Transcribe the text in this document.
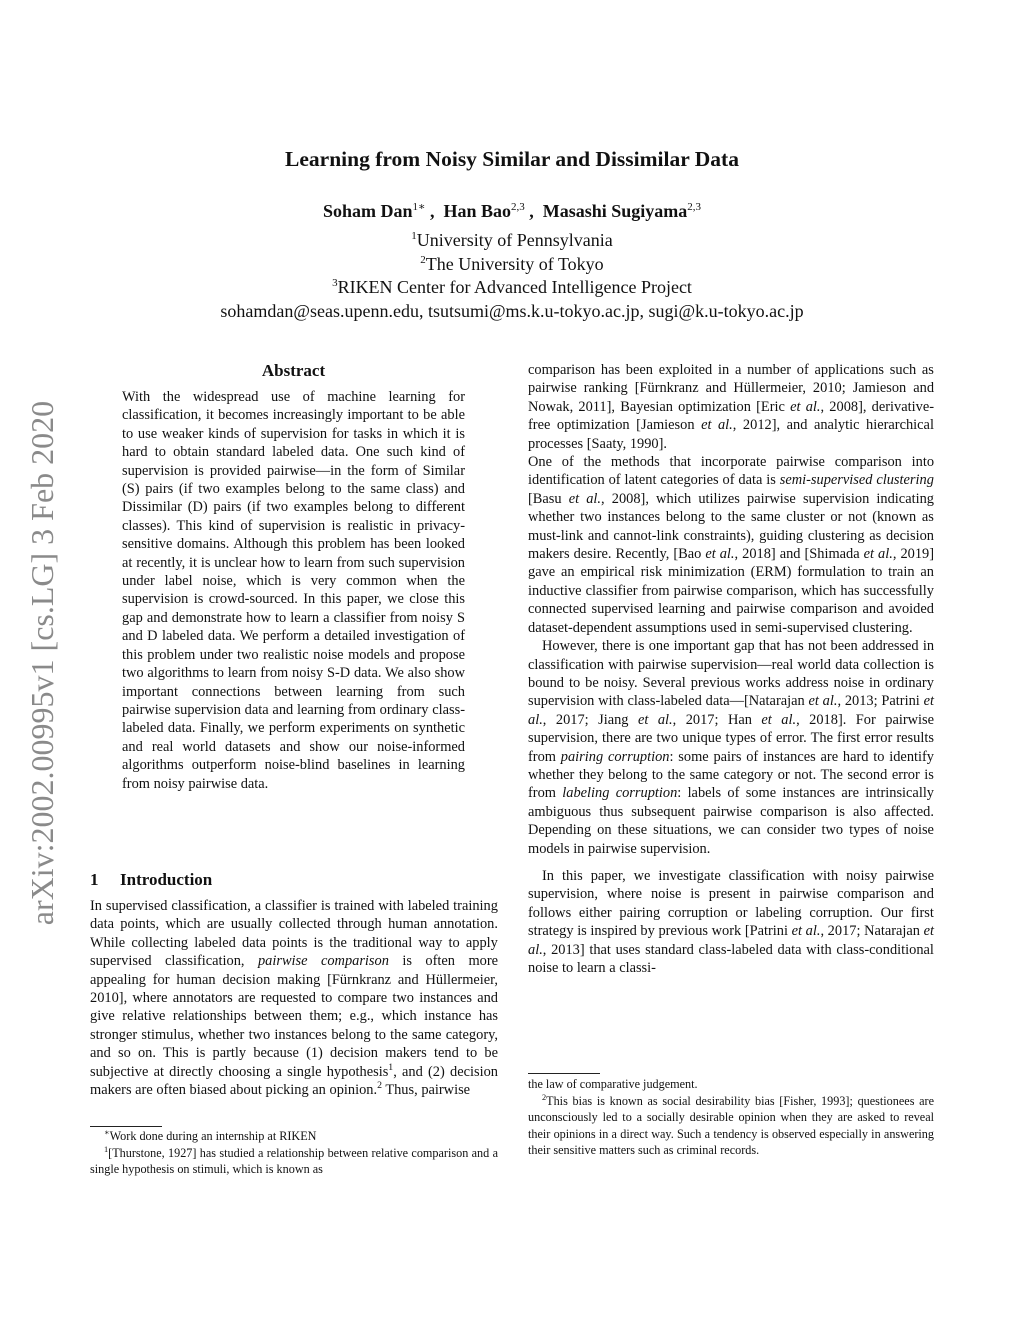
Learning from Noisy Similar and Dissimilar Data
Soham Dan$^{1∗}$ ,  Han Bao$^{2,3}$ ,  Masashi Sugiyama$^{2,3}$
$^1$University of Pennsylvania
$^2$The University of Tokyo
$^3$RIKEN Center for Advanced Intelligence Project
sohamdan@seas.upenn.edu, tsutsumi@ms.k.u-tokyo.ac.jp, sugi@k.u-tokyo.ac.jp
arXiv:2002.00995v1 [cs.LG] 3 Feb 2020
Abstract

With the widespread use of machine learning for classification, it becomes increasingly important to be able to use weaker kinds of supervision for tasks in which it is hard to obtain standard labeled data. One such kind of supervision is provided pairwise—in the form of Similar (S) pairs (if two examples belong to the same class) and Dissimilar (D) pairs (if two examples belong to different classes). This kind of supervision is realistic in privacy-sensitive domains. Although this problem has been looked at recently, it is unclear how to learn from such supervision under label noise, which is very common when the supervision is crowd-sourced. In this paper, we close this gap and demonstrate how to learn a classifier from noisy S and D labeled data. We perform a detailed investigation of this problem under two realistic noise models and propose two algorithms to learn from noisy S-D data. We also show important connections between learning from such pairwise supervision data and learning from ordinary class-labeled data. Finally, we perform experiments on synthetic and real world datasets and show our noise-informed algorithms outperform noise-blind baselines in learning from noisy pairwise data.

1 Introduction

∗Work done during an internship at RIKEN

$^1$[Thurstone, 1927] has studied a relationship between relative comparison and a single hypothesis on stimuli, which is known as

the law of comparative judgement.

$^2$This bias is known as social desirability bias [Fisher, 1993]; questionees are unconsciously led to a socially desirable opinion when they are asked to reveal their opinions in a direct way. Such a tendency is observed especially in answering their sensitive matters such as criminal records.

In supervised classification, a classifier is trained with labeled training data points, which are usually collected through human annotation. While collecting labeled data points is the traditional way to apply supervised classification, pairwise comparison is often more appealing for human decision making [Fürnkranz and Hüllermeier, 2010], where annotators are requested to compare two instances and give relative relationships between them; e.g., which instance has stronger stimulus, whether two instances belong to the same category, and so on. This is partly because (1) decision makers tend to be subjective at directly choosing a single hypothesis$^1$, and (2) decision makers are often biased about picking an opinion.$^2$ Thus, pairwise

comparison has been exploited in a number of applications such as pairwise ranking [Fürnkranz and Hüllermeier, 2010; Jamieson and Nowak, 2011], Bayesian optimization [Eric et al., 2008], derivative-free optimization [Jamieson et al., 2012], and analytic hierarchical processes [Saaty, 1990].

One of the methods that incorporate pairwise comparison into identification of latent categories of data is semi-supervised clustering [Basu et al., 2008], which utilizes pairwise supervision indicating whether two instances belong to the same cluster or not (known as must-link and cannot-link constraints), guiding clustering as decision makers desire. Recently, [Bao et al., 2018] and [Shimada et al., 2019] gave an empirical risk minimization (ERM) formulation to train an inductive classifier from pairwise comparison, which has successfully connected supervised learning and pairwise comparison and avoided dataset-dependent assumptions used in semi-supervised clustering.

However, there is one important gap that has not been addressed in classification with pairwise supervision—real world data collection is bound to be noisy. Several previous works address noise in ordinary supervision with class-labeled data—[Natarajan et al., 2013; Patrini et al., 2017; Jiang et al., 2017; Han et al., 2018]. For pairwise supervision, there are two unique types of error. The first error results from pairing corruption: some pairs of instances are hard to identify whether they belong to the same category or not. The second error is from labeling corruption: labels of some instances are intrinsically ambiguous thus subsequent pairwise comparison is also affected. Depending on these situations, we can consider two types of noise models in pairwise supervision.

In this paper, we investigate classification with noisy pairwise supervision, where noise is present in pairwise comparison and follows either pairing corruption or labeling corruption. Our first strategy is inspired by previous work [Patrini et al., 2017; Natarajan et al., 2013] that uses standard class-labeled data with class-conditional noise to learn a classi-
